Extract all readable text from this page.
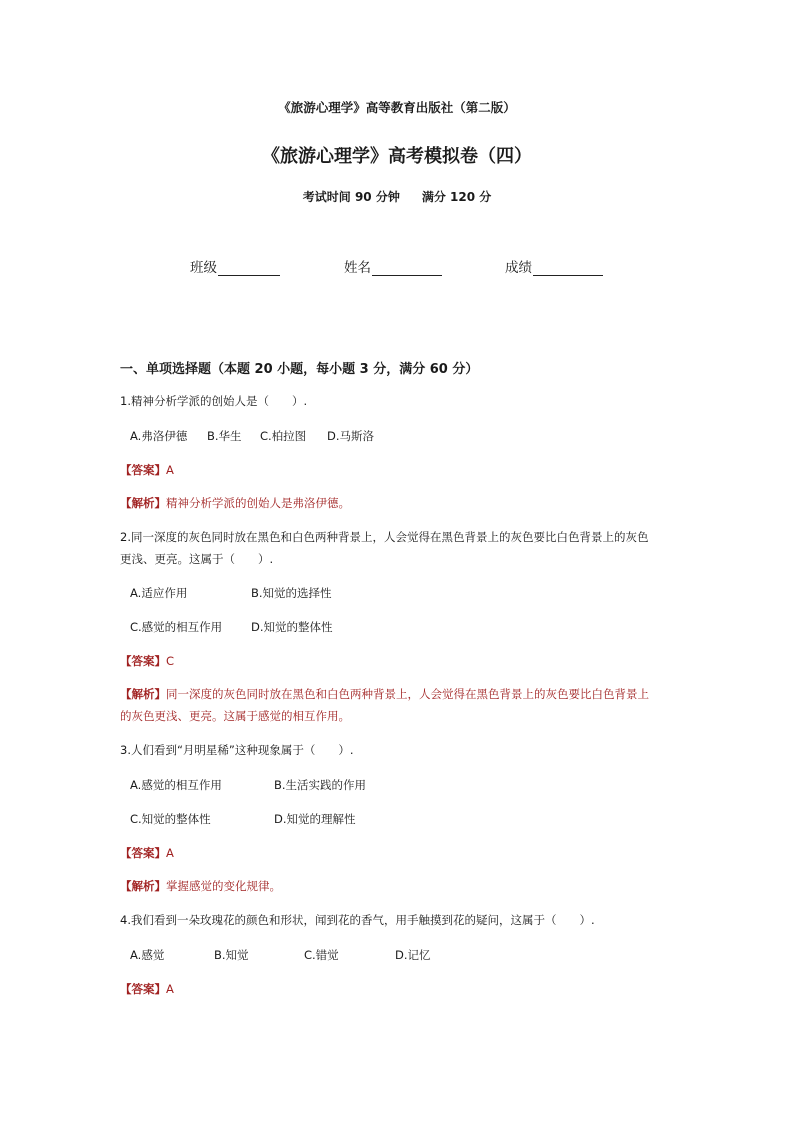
《旅游心理学》高等教育出版社（第二版）
《旅游心理学》高考模拟卷（四）
考试时间 90 分钟 满分 120 分
班级	姓名	成绩
一、单项选择题（本题 20 小题，每小题 3 分，满分 60 分）
1.精神分析学派的创始人是（　　）.
A.弗洛伊德 B.华生 C.柏拉图 D.马斯洛
【答案】A
【解析】精神分析学派的创始人是弗洛伊德。
2.同一深度的灰色同时放在黑色和白色两种背景上，人会觉得在黑色背景上的灰色要比白色背景上的灰色
更浅、更亮。这属于（　　）.
A.适应作用	B.知觉的选择性
C.感觉的相互作用	D.知觉的整体性
【答案】C
【解析】同一深度的灰色同时放在黑色和白色两种背景上，人会觉得在黑色背景上的灰色要比白色背景上
的灰色更浅、更亮。这属于感觉的相互作用。
3.人们看到“月明星稀”这种现象属于（　　）.
A.感觉的相互作用	B.生活实践的作用
C.知觉的整体性	D.知觉的理解性
【答案】A
【解析】掌握感觉的变化规律。
4.我们看到一朵玫瑰花的颜色和形状，闻到花的香气，用手触摸到花的疑问，这属于（　　）.
A.感觉	B.知觉	C.错觉	D.记忆
【答案】A
